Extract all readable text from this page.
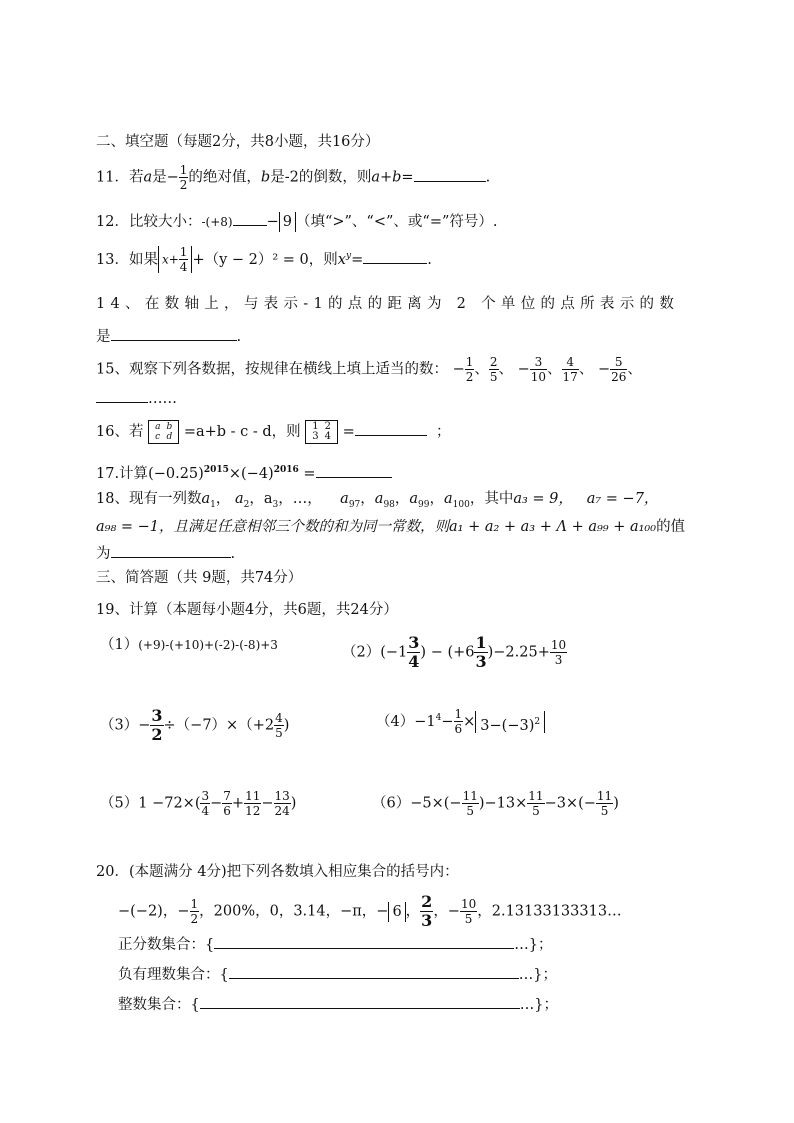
二、填空题（每题2分，共8小题，共16分）
11．若a是− $\frac{1}{2}$ 的绝对值，b是-2的倒数，则a+b=	.
12．比较大小：-(+8) − 9 （填“>”、“<”、或“=”符号）.
13．如果 $x+ \frac{1}{4} +(y - 2)^2 = 0$，则$x^y=$	.
14、在数轴上，与表示-1的点的距离为 2 个单位的点所表示的数
是	.
15、观察下列各数据，按规律在横线上填上适当的数： − $\frac{1}{2}$ 、 $\frac{2}{5}$ 、 − $\frac{3}{10}$ 、 $\frac{4}{17}$ 、 − $\frac{5}{26}$ 、
……
16、若 a	b
c	d =a+b - c - d，则 1	2
3	4 =	；
17.计算$(-0.25)^{2015}\times(-4)^{2016}$ =
18、现有一列数$a_1$， $a_2$，$a_3$，…， $a_{97}$，$a_{98}$，$a_{99}$，$a_{100}$，其中a₃ = 9， a₇ = −7，
a₉₈ = −1，且满足任意相邻三个数的和为同一常数，则a₁ + a₂ + a₃ + Λ + a₉₉ + a₁₀₀的值
为	.
三、简答题（共 9题，共74分）
19、计算（本题每小题4分，共6题，共24分）
（1）(+9)-(+10)+(-2)-(-8)+3	$(2)(-1 \frac{3}{4}$ ) − $(+6 \frac{1}{3} )-2.25+ \frac{10}{3}$
$(3)- \frac{3}{2} \div(-7)\times(+2 \frac{4}{5}$ )	$(4)-1^4- \frac{1}{6} \times 3-(-3)^2$
$(5)1 -72\times( \frac{3}{4} - \frac{7}{6} + \frac{11}{12} - \frac{13}{24}$ )	$(6)-5\times(- \frac{11}{5} )-13\times \frac{11}{5} -3\times(- \frac{11}{5}$ )
20．(本题满分 4分)把下列各数填入相应集合的括号内：
−(−2)，− $\frac{1}{2}$ ，200%，0，3.14，−π，− 6 ， $\frac{2}{3}$ ，− $\frac{10}{5}$ ，2.13133133313…
正分数集合：{	…}；
负有理数集合：{	…}；
整数集合：{	…}；
